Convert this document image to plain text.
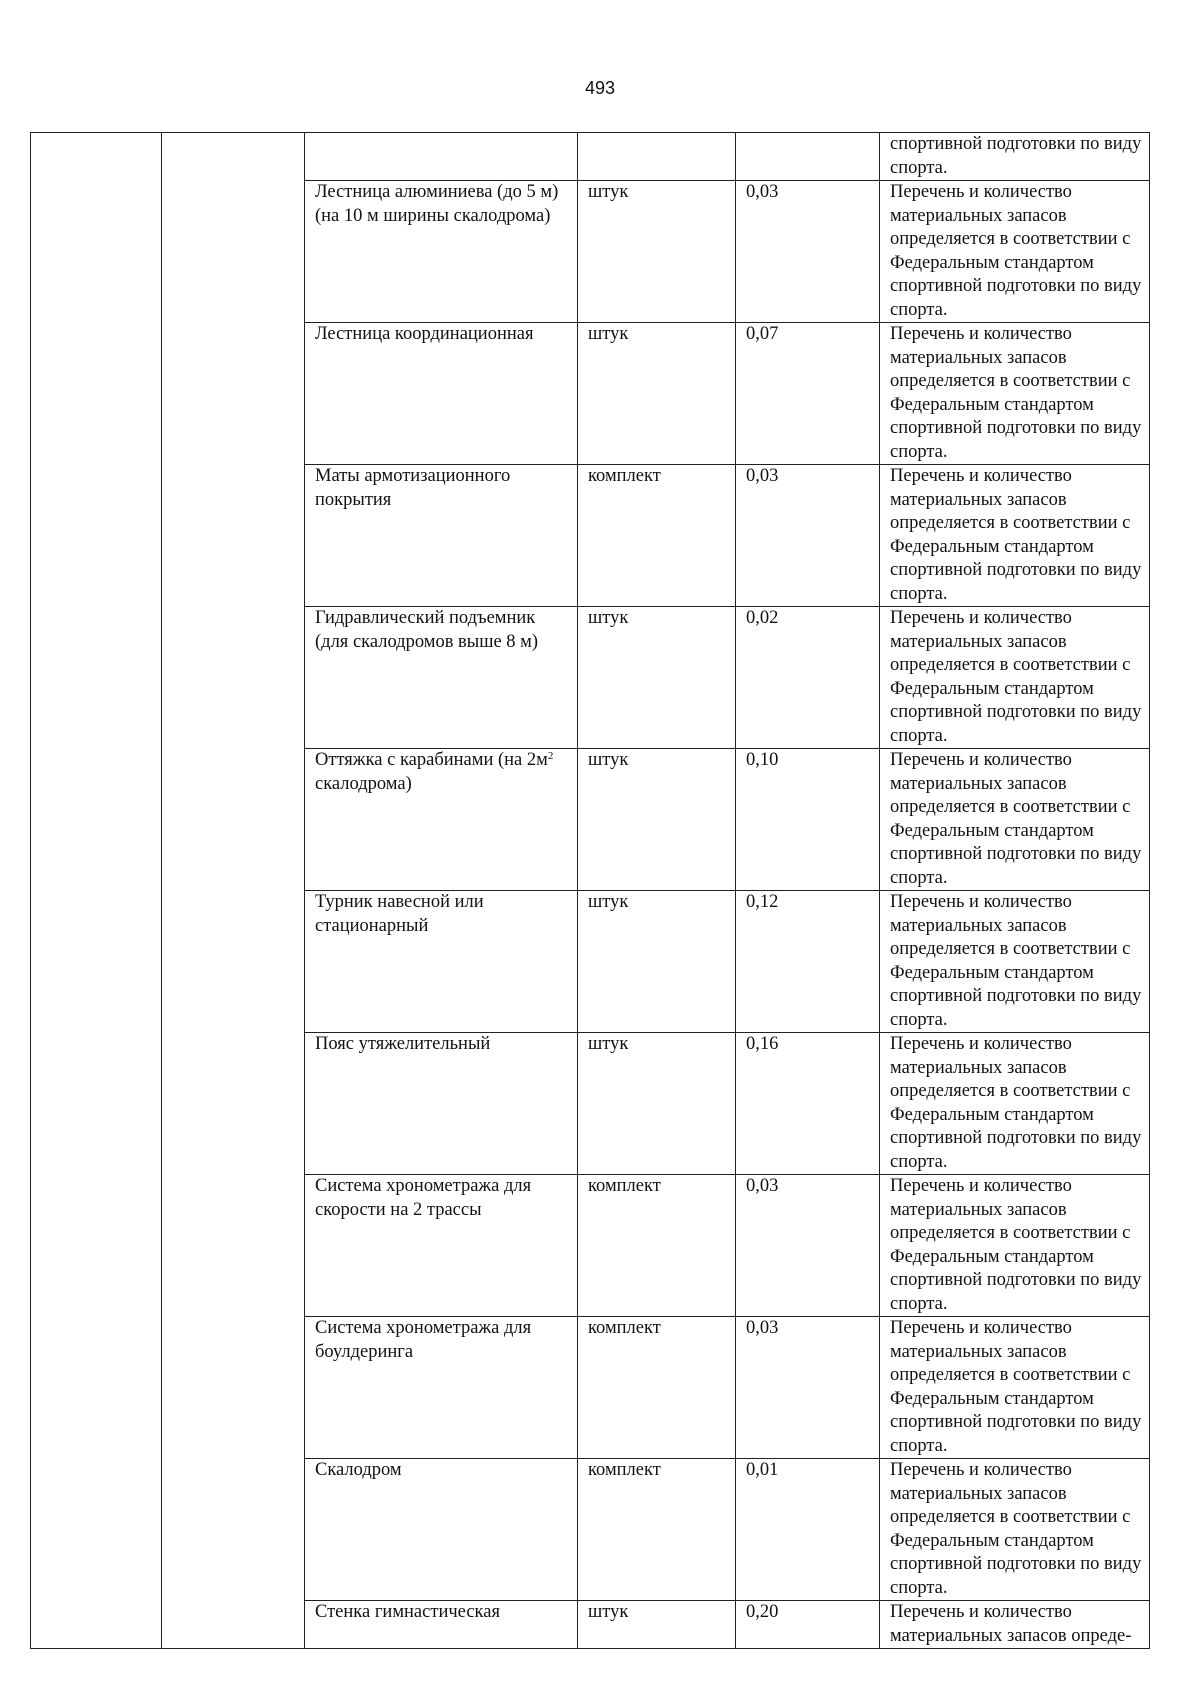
493
					спортивной подготовки по виду спорта.
		Лестница алюминиева (до 5 м) (на 10 м ширины скалодрома)	штук	0,03	Перечень и количество материальных запасов определяется в соответствии с Федеральным стандартом спортивной подготовки по виду спорта.
		Лестница координационная	штук	0,07	Перечень и количество материальных запасов определяется в соответствии с Федеральным стандартом спортивной подготовки по виду спорта.
		Маты армотизационного покрытия	комплект	0,03	Перечень и количество материальных запасов определяется в соответствии с Федеральным стандартом спортивной подготовки по виду спорта.
		Гидравлический подъемник (для скалодромов выше 8 м)	штук	0,02	Перечень и количество материальных запасов определяется в соответствии с Федеральным стандартом спортивной подготовки по виду спорта.
		Оттяжка с карабинами (на $2м^2$ скалодрома)	штук	0,10	Перечень и количество материальных запасов определяется в соответствии с Федеральным стандартом спортивной подготовки по виду спорта.
		Турник навесной или стационарный	штук	0,12	Перечень и количество материальных запасов определяется в соответствии с Федеральным стандартом спортивной подготовки по виду спорта.
		Пояс утяжелительный	штук	0,16	Перечень и количество материальных запасов определяется в соответствии с Федеральным стандартом спортивной подготовки по виду спорта.
		Система хронометража для скорости на 2 трассы	комплект	0,03	Перечень и количество материальных запасов определяется в соответствии с Федеральным стандартом спортивной подготовки по виду спорта.
		Система хронометража для боулдеринга	комплект	0,03	Перечень и количество материальных запасов определяется в соответствии с Федеральным стандартом спортивной подготовки по виду спорта.
		Скалодром	комплект	0,01	Перечень и количество материальных запасов определяется в соответствии с Федеральным стандартом спортивной подготовки по виду спорта.
		Стенка гимнастическая	штук	0,20	Перечень и количество материальных запасов опреде-
